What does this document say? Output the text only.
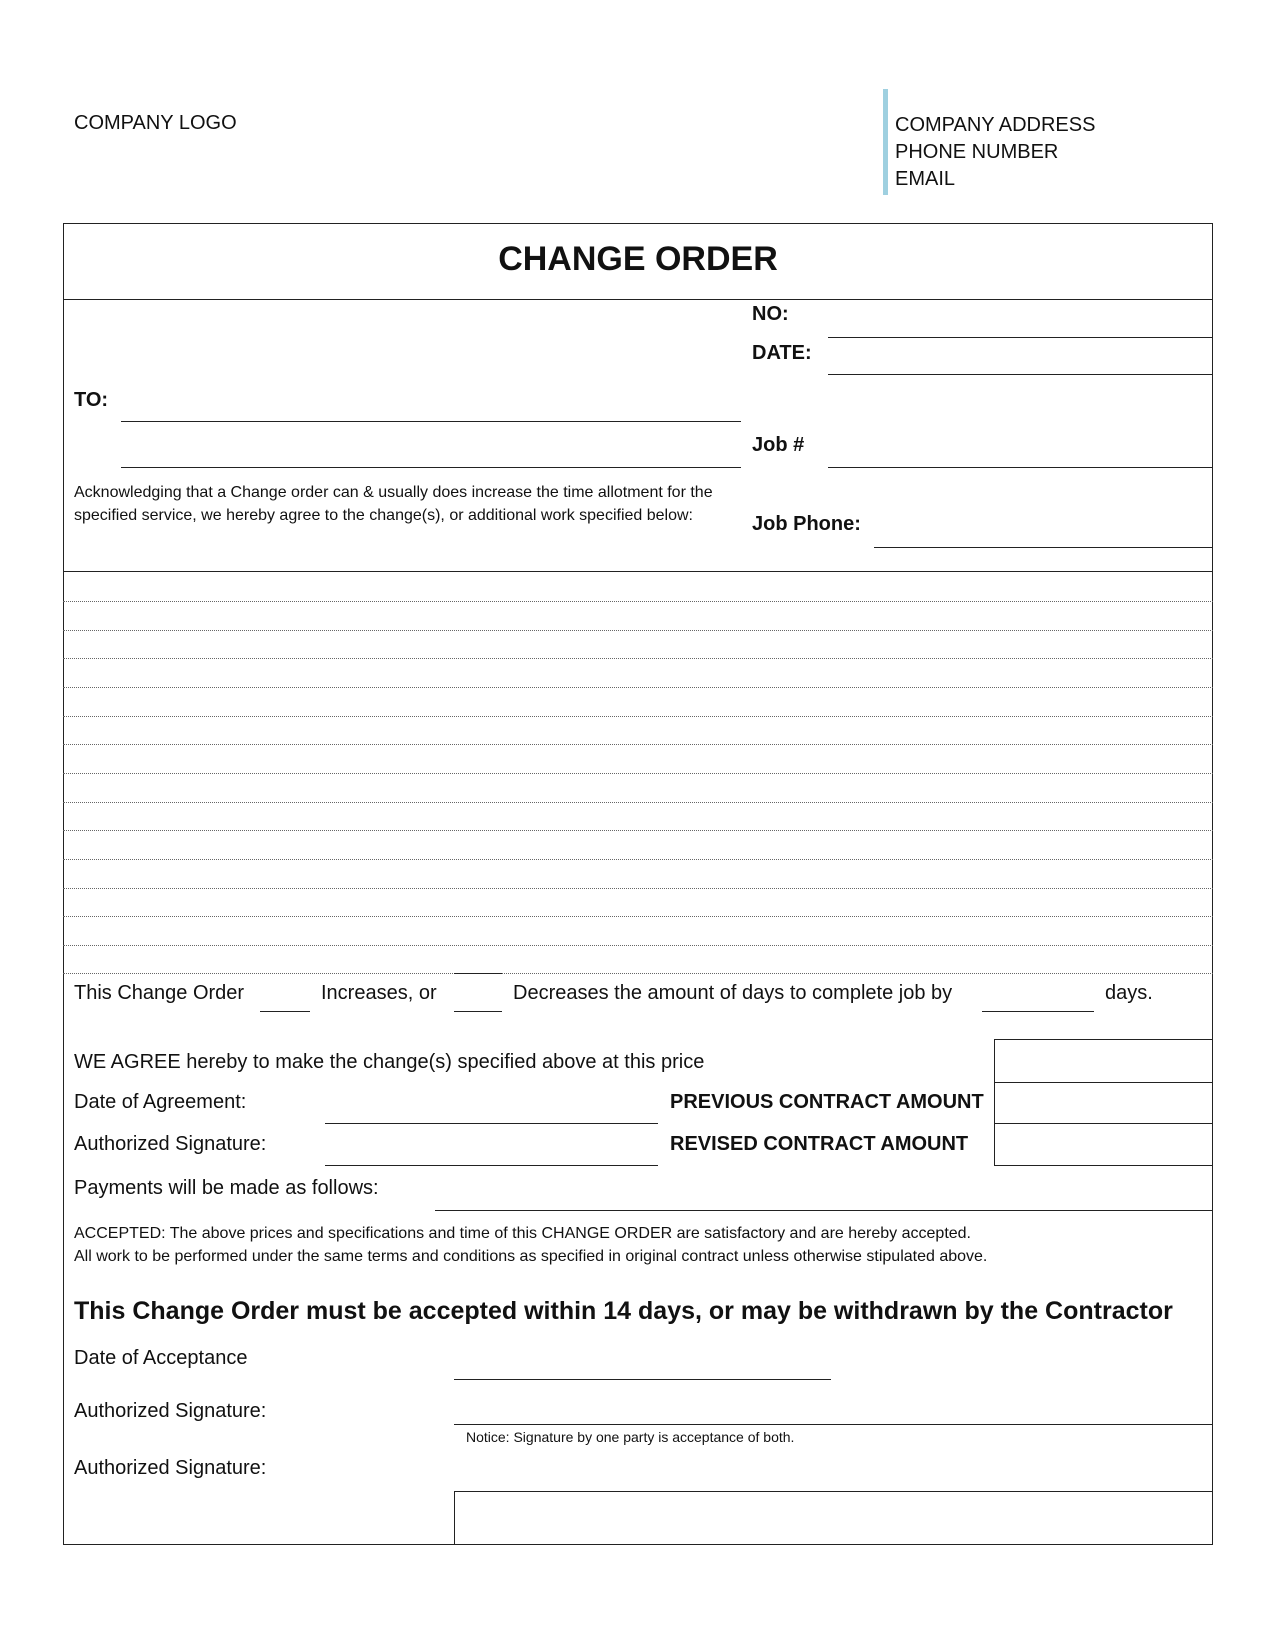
COMPANY LOGO	COMPANY ADDRESS
PHONE NUMBER
EMAIL
CHANGE ORDER
NO:
DATE:
TO:
Job #
Acknowledging that a Change order can & usually does increase the time allotment for the specified service, we hereby agree to the change(s), or additional work specified below:	Job Phone:
This Change Order	Increases, or	Decreases the amount of days to complete job by	days.
WE AGREE hereby to make the change(s) specified above at this price
Date of Agreement:	PREVIOUS CONTRACT AMOUNT
Authorized Signature:	REVISED CONTRACT AMOUNT
Payments will be made as follows:
ACCEPTED: The above prices and specifications and time of this CHANGE ORDER are satisfactory and are hereby accepted.
All work to be performed under the same terms and conditions as specified in original contract unless otherwise stipulated above.
This Change Order must be accepted within 14 days, or may be withdrawn by the Contractor
Date of Acceptance
Authorized Signature:
Notice: Signature by one party is acceptance of both.
Authorized Signature:
